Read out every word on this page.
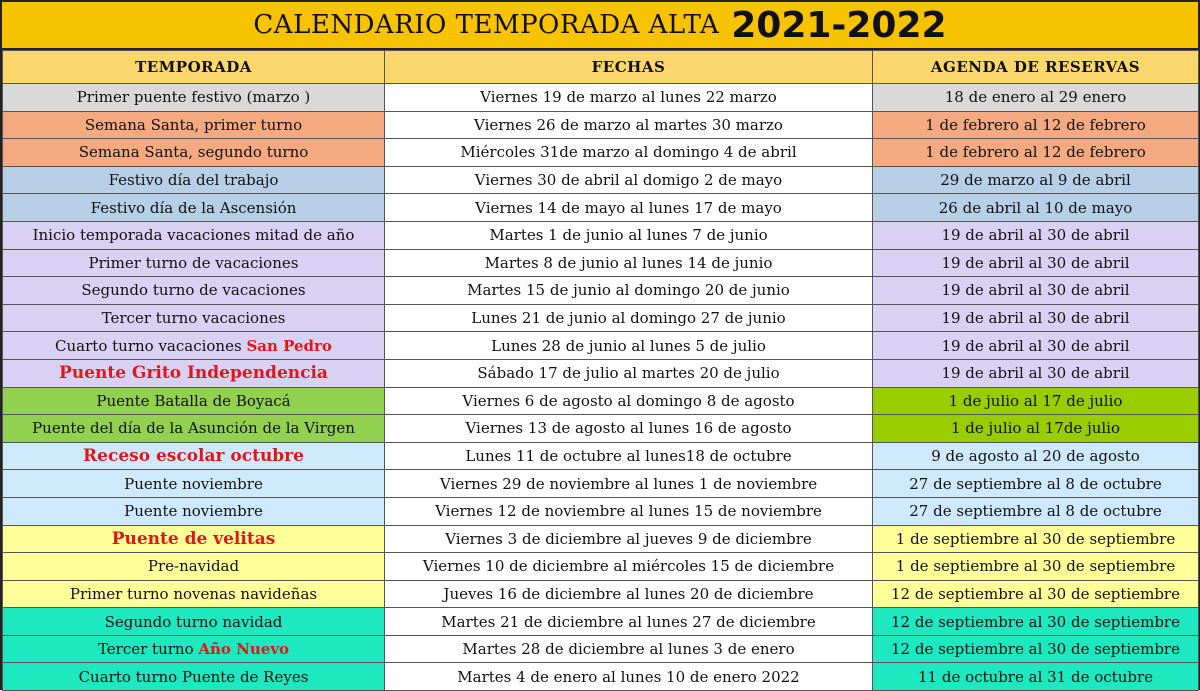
CALENDARIO TEMPORADA ALTA 2021-2022
TEMPORADA	FECHAS	AGENDA DE RESERVAS
Primer puente festivo (marzo )	Viernes 19 de marzo al lunes 22 marzo	18 de enero al 29 enero
Semana Santa, primer turno	Viernes 26 de marzo al martes 30 marzo	1 de febrero al 12 de febrero
Semana Santa, segundo turno	Miércoles 31de marzo al domingo 4 de abril	1 de febrero al 12 de febrero
Festivo día del trabajo	Viernes 30 de abril al domigo 2 de mayo	29 de marzo al 9 de abril
Festivo día de la Ascensión	Viernes 14 de mayo al lunes 17 de mayo	26 de abril al 10 de mayo
Inicio temporada vacaciones mitad de año	Martes 1 de junio al lunes 7 de junio	19 de abril al 30 de abril
Primer turno de vacaciones	Martes 8 de junio al lunes 14 de junio	19 de abril al 30 de abril
Segundo turno de vacaciones	Martes 15 de junio al domingo 20 de junio	19 de abril al 30 de abril
Tercer turno vacaciones	Lunes 21 de junio al domingo 27 de junio	19 de abril al 30 de abril
Cuarto turno vacaciones San Pedro	Lunes 28 de junio al lunes 5 de julio	19 de abril al 30 de abril
Puente Grito Independencia	Sábado 17 de julio al martes 20 de julio	19 de abril al 30 de abril
Puente Batalla de Boyacá	Viernes 6 de agosto al domingo 8 de agosto	1 de julio al 17 de julio
Puente del día de la Asunción de la Virgen	Viernes 13 de agosto al lunes 16 de agosto	1 de julio al 17de julio
Receso escolar octubre	Lunes 11 de octubre al lunes18 de octubre	9 de agosto al 20 de agosto
Puente noviembre	Viernes 29 de noviembre al lunes 1 de noviembre	27 de septiembre al 8 de octubre
Puente noviembre	Viernes 12 de noviembre al lunes 15 de noviembre	27 de septiembre al 8 de octubre
Puente de velitas	Viernes 3 de diciembre al jueves 9 de diciembre	1 de septiembre al 30 de septiembre
Pre-navidad	Viernes 10 de diciembre al miércoles 15 de diciembre	1 de septiembre al 30 de septiembre
Primer turno novenas navideñas	Jueves 16 de diciembre al lunes 20 de diciembre	12 de septiembre al 30 de septiembre
Segundo turno navidad	Martes 21 de diciembre al lunes 27 de diciembre	12 de septiembre al 30 de septiembre
Tercer turno Año Nuevo	Martes 28 de diciembre al lunes 3 de enero	12 de septiembre al 30 de septiembre
Cuarto turno Puente de Reyes	Martes 4 de enero al lunes 10 de enero 2022	11 de octubre al 31 de octubre
